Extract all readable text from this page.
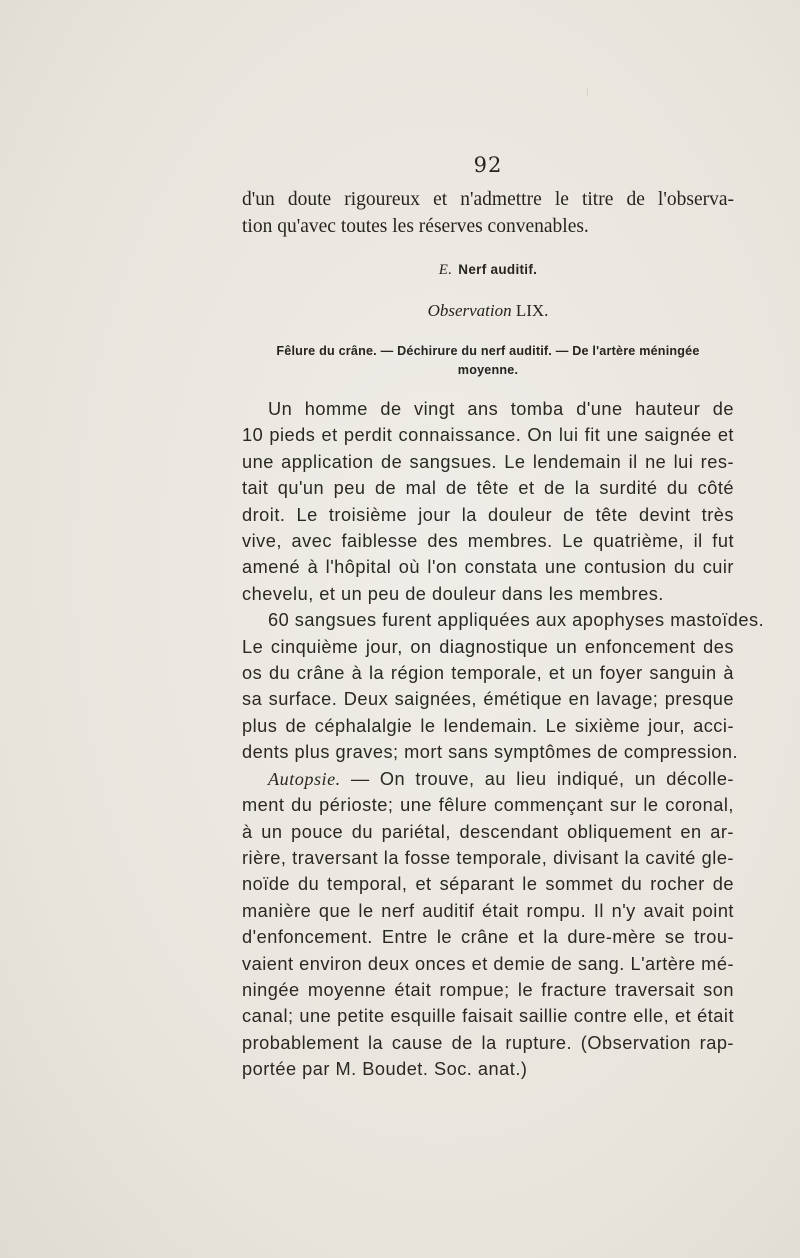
92
d'un doute rigoureux et n'admettre le titre de l'observa-
tion qu'avec toutes les réserves convenables.
E. Nerf auditif.
Observation LIX.
Fêlure du crâne. — Déchirure du nerf auditif. — De l'artère méningée
moyenne.
Un homme de vingt ans tomba d'une hauteur de
10 pieds et perdit connaissance. On lui fit une saignée et
une application de sangsues. Le lendemain il ne lui res-
tait qu'un peu de mal de tête et de la surdité du côté
droit. Le troisième jour la douleur de tête devint très
vive, avec faiblesse des membres. Le quatrième, il fut
amené à l'hôpital où l'on constata une contusion du cuir
chevelu, et un peu de douleur dans les membres.
60 sangsues furent appliquées aux apophyses mastoïdes.
Le cinquième jour, on diagnostique un enfoncement des
os du crâne à la région temporale, et un foyer sanguin à
sa surface. Deux saignées, émétique en lavage; presque
plus de céphalalgie le lendemain. Le sixième jour, acci-
dents plus graves; mort sans symptômes de compression.
Autopsie. — On trouve, au lieu indiqué, un décolle-
ment du périoste; une fêlure commençant sur le coronal,
à un pouce du pariétal, descendant obliquement en ar-
rière, traversant la fosse temporale, divisant la cavité gle-
noïde du temporal, et séparant le sommet du rocher de
manière que le nerf auditif était rompu. Il n'y avait point
d'enfoncement. Entre le crâne et la dure-mère se trou-
vaient environ deux onces et demie de sang. L'artère mé-
ningée moyenne était rompue; le fracture traversait son
canal; une petite esquille faisait saillie contre elle, et était
probablement la cause de la rupture. (Observation rap-
portée par M. Boudet. Soc. anat.)
